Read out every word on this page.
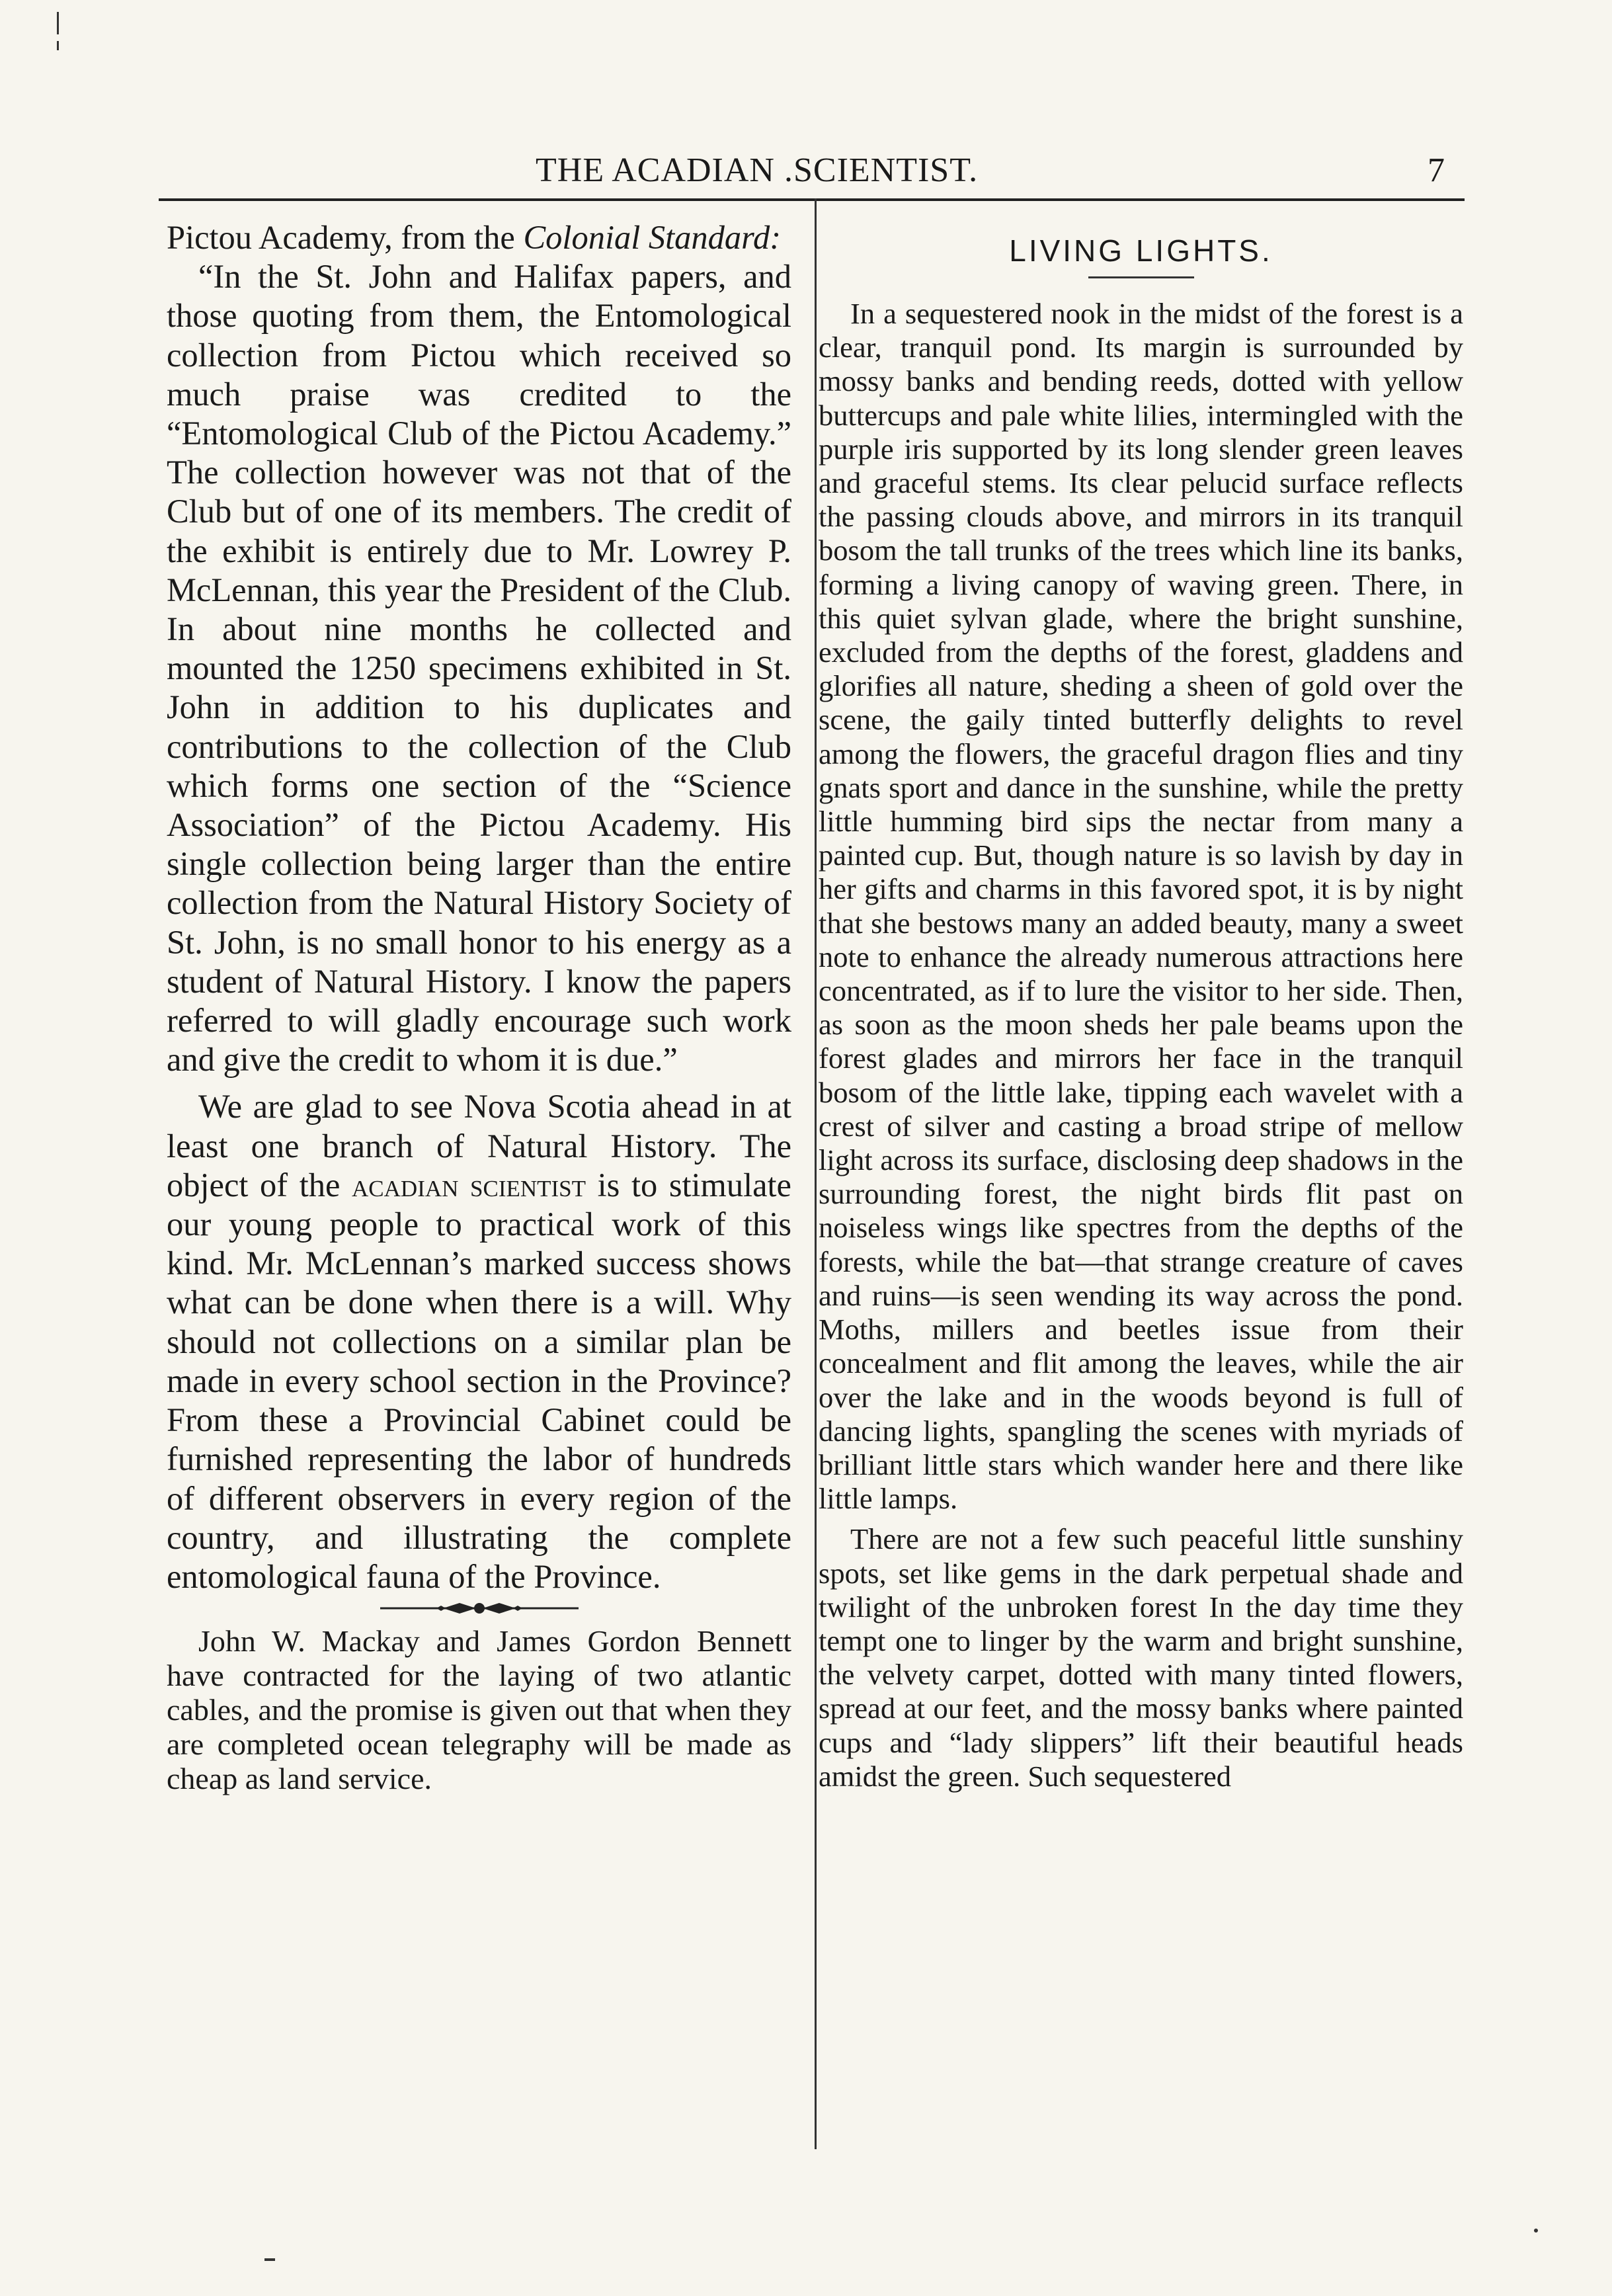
THE ACADIAN .SCIENTIST.	7

Pictou Academy, from the Colonial Standard:

“In the St. John and Halifax papers, and those quoting from them, the Entomological collection from Pictou which received so much praise was credited to the “Entomological Club of the Pictou Academy.” The collection however was not that of the Club but of one of its members. The credit of the exhibit is entirely due to Mr. Lowrey P. McLennan, this year the President of the Club. In about nine months he collected and mounted the 1250 specimens exhibited in St. John in addition to his duplicates and contributions to the collection of the Club which forms one section of the “Science Association” of the Pictou Academy. His single collection being larger than the entire collection from the Natural History Society of St. John, is no small honor to his energy as a student of Natural History. I know the papers referred to will gladly encourage such work and give the credit to whom it is due.”

We are glad to see Nova Scotia ahead in at least one branch of Natural History. The object of the acadian scientist is to stimulate our young people to practical work of this kind. Mr. McLennan’s marked success shows what can be done when there is a will. Why should not collections on a similar plan be made in every school section in the Province? From these a Provincial Cabinet could be furnished representing the labor of hundreds of different observers in every region of the country, and illustrating the complete entomological fauna of the Province.

John W. Mackay and James Gordon Bennett have contracted for the laying of two atlantic cables, and the promise is given out that when they are completed ocean telegraphy will be made as cheap as land service.

LIVING LIGHTS.

In a sequestered nook in the midst of the forest is a clear, tranquil pond. Its margin is surrounded by mossy banks and bending reeds, dotted with yellow buttercups and pale white lilies, intermingled with the purple iris supported by its long slender green leaves and graceful stems. Its clear pelucid surface reflects the passing clouds above, and mirrors in its tranquil bosom the tall trunks of the trees which line its banks, forming a living canopy of waving green. There, in this quiet sylvan glade, where the bright sunshine, excluded from the depths of the forest, gladdens and glorifies all nature, sheding a sheen of gold over the scene, the gaily tinted butterfly delights to revel among the flowers, the graceful dragon flies and tiny gnats sport and dance in the sunshine, while the pretty little humming bird sips the nectar from many a painted cup. But, though nature is so lavish by day in her gifts and charms in this favored spot, it is by night that she bestows many an added beauty, many a sweet note to enhance the already numerous attractions here concentrated, as if to lure the visitor to her side. Then, as soon as the moon sheds her pale beams upon the forest glades and mirrors her face in the tranquil bosom of the little lake, tipping each wavelet with a crest of silver and casting a broad stripe of mellow light across its surface, disclosing deep shadows in the surrounding forest, the night birds flit past on noiseless wings like spectres from the depths of the forests, while the bat—that strange creature of caves and ruins—is seen wending its way across the pond. Moths, millers and beetles issue from their concealment and flit among the leaves, while the air over the lake and in the woods beyond is full of dancing lights, spangling the scenes with myriads of brilliant little stars which wander here and there like little lamps.

There are not a few such peaceful little sunshiny spots, set like gems in the dark perpetual shade and twilight of the unbroken forest In the day time they tempt one to linger by the warm and bright sunshine, the velvety carpet, dotted with many tinted flowers, spread at our feet, and the mossy banks where painted cups and “lady slippers” lift their beautiful heads amidst the green. Such sequestered
